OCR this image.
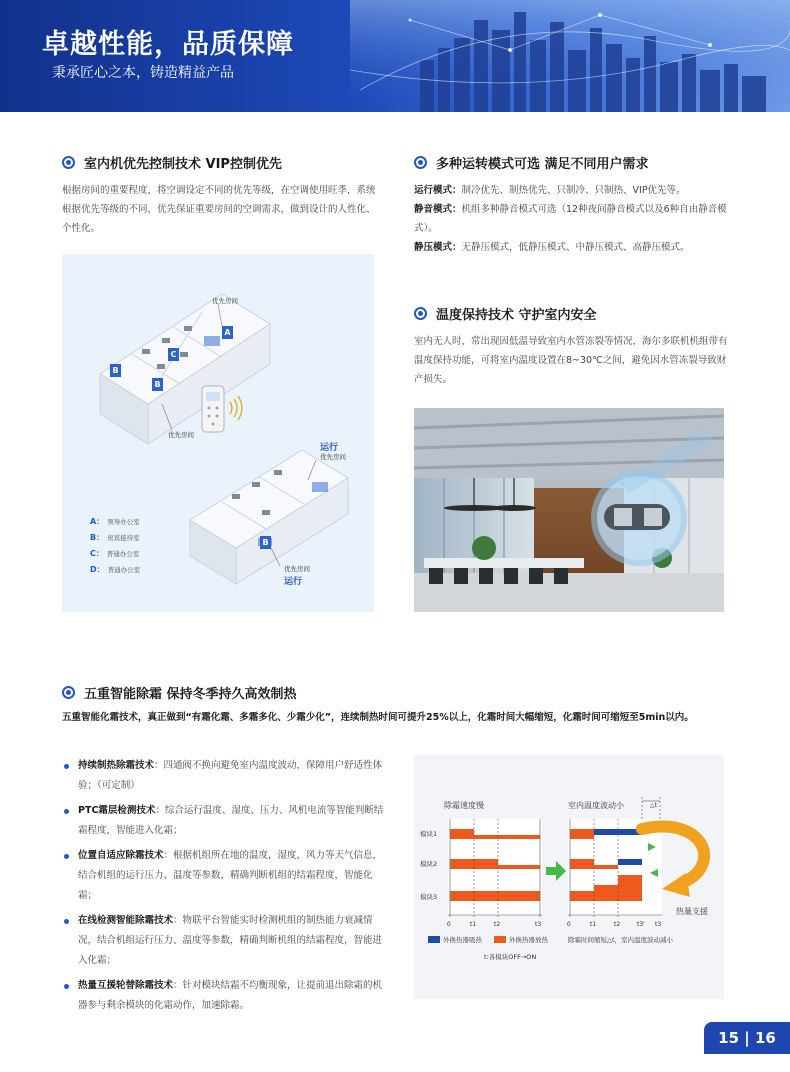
卓越性能，品质保障
秉承匠心之本，铸造精益产品
室内机优先控制技术 VIP控制优先
根据房间的重要程度，将空调设定不同的优先等级，在空调使用旺季，系统根据优先等级的不同，优先保证重要房间的空调需求，做到设计的人性化、个性化。
优先房间
优先房间
运行
优先房间
优先房间
运行
A
B
C
B
B
A： 领导办公室
B： 贵宾接待室
C： 普通办公室
D： 普通办公室
多种运转模式可选 满足不同用户需求
运行模式：制冷优先、制热优先、只制冷、只制热、VIP优先等。
静音模式：机组多种静音模式可选（12种夜间静音模式以及6种自由静音模式）。
静压模式：无静压模式，低静压模式、中静压模式、高静压模式。
温度保持技术 守护室内安全
室内无人时，常出现因低温导致室内水管冻裂等情况，海尔多联机机组带有温度保持功能，可将室内温度设置在8~30℃之间，避免因水管冻裂导致财产损失。
五重智能除霜 保持冬季持久高效制热
五重智能化霜技术，真正做到“有霜化霜、多霜多化、少霜少化”，连续制热时间可提升25%以上，化霜时间大幅缩短，化霜时间可缩短至5min以内。
持续制热除霜技术：四通阀不换向避免室内温度波动，保障用户舒适性体验；（可定制）
PTC霜层检测技术：综合运行温度、湿度、压力、风机电流等智能判断结霜程度，智能进入化霜；
位置自适应除霜技术：根据机组所在地的温度，湿度，风力等天气信息，结合机组的运行压力、温度等参数，精确判断机组的结霜程度，智能化霜；
在线检测智能除霜技术：物联平台智能实时检测机组的制热能力衰减情况，结合机组运行压力、温度等参数，精确判断机组的结霜程度，智能进入化霜；
热量互援轮替除霜技术：针对模块结霜不均衡现象，让提前退出除霜的机器参与剩余模块的化霜动作，加速除霜。
除霜速度慢	室内温度波动小	△t
模块1
模块2
模块3
0	t1	t2	t3	0	t1	t2	t3' t3
热量支援
外换热器吸热	外换热器放热
t:各模块OFF→ON
除霜时间缩短△t，室内温度波动减小
15 | 16
